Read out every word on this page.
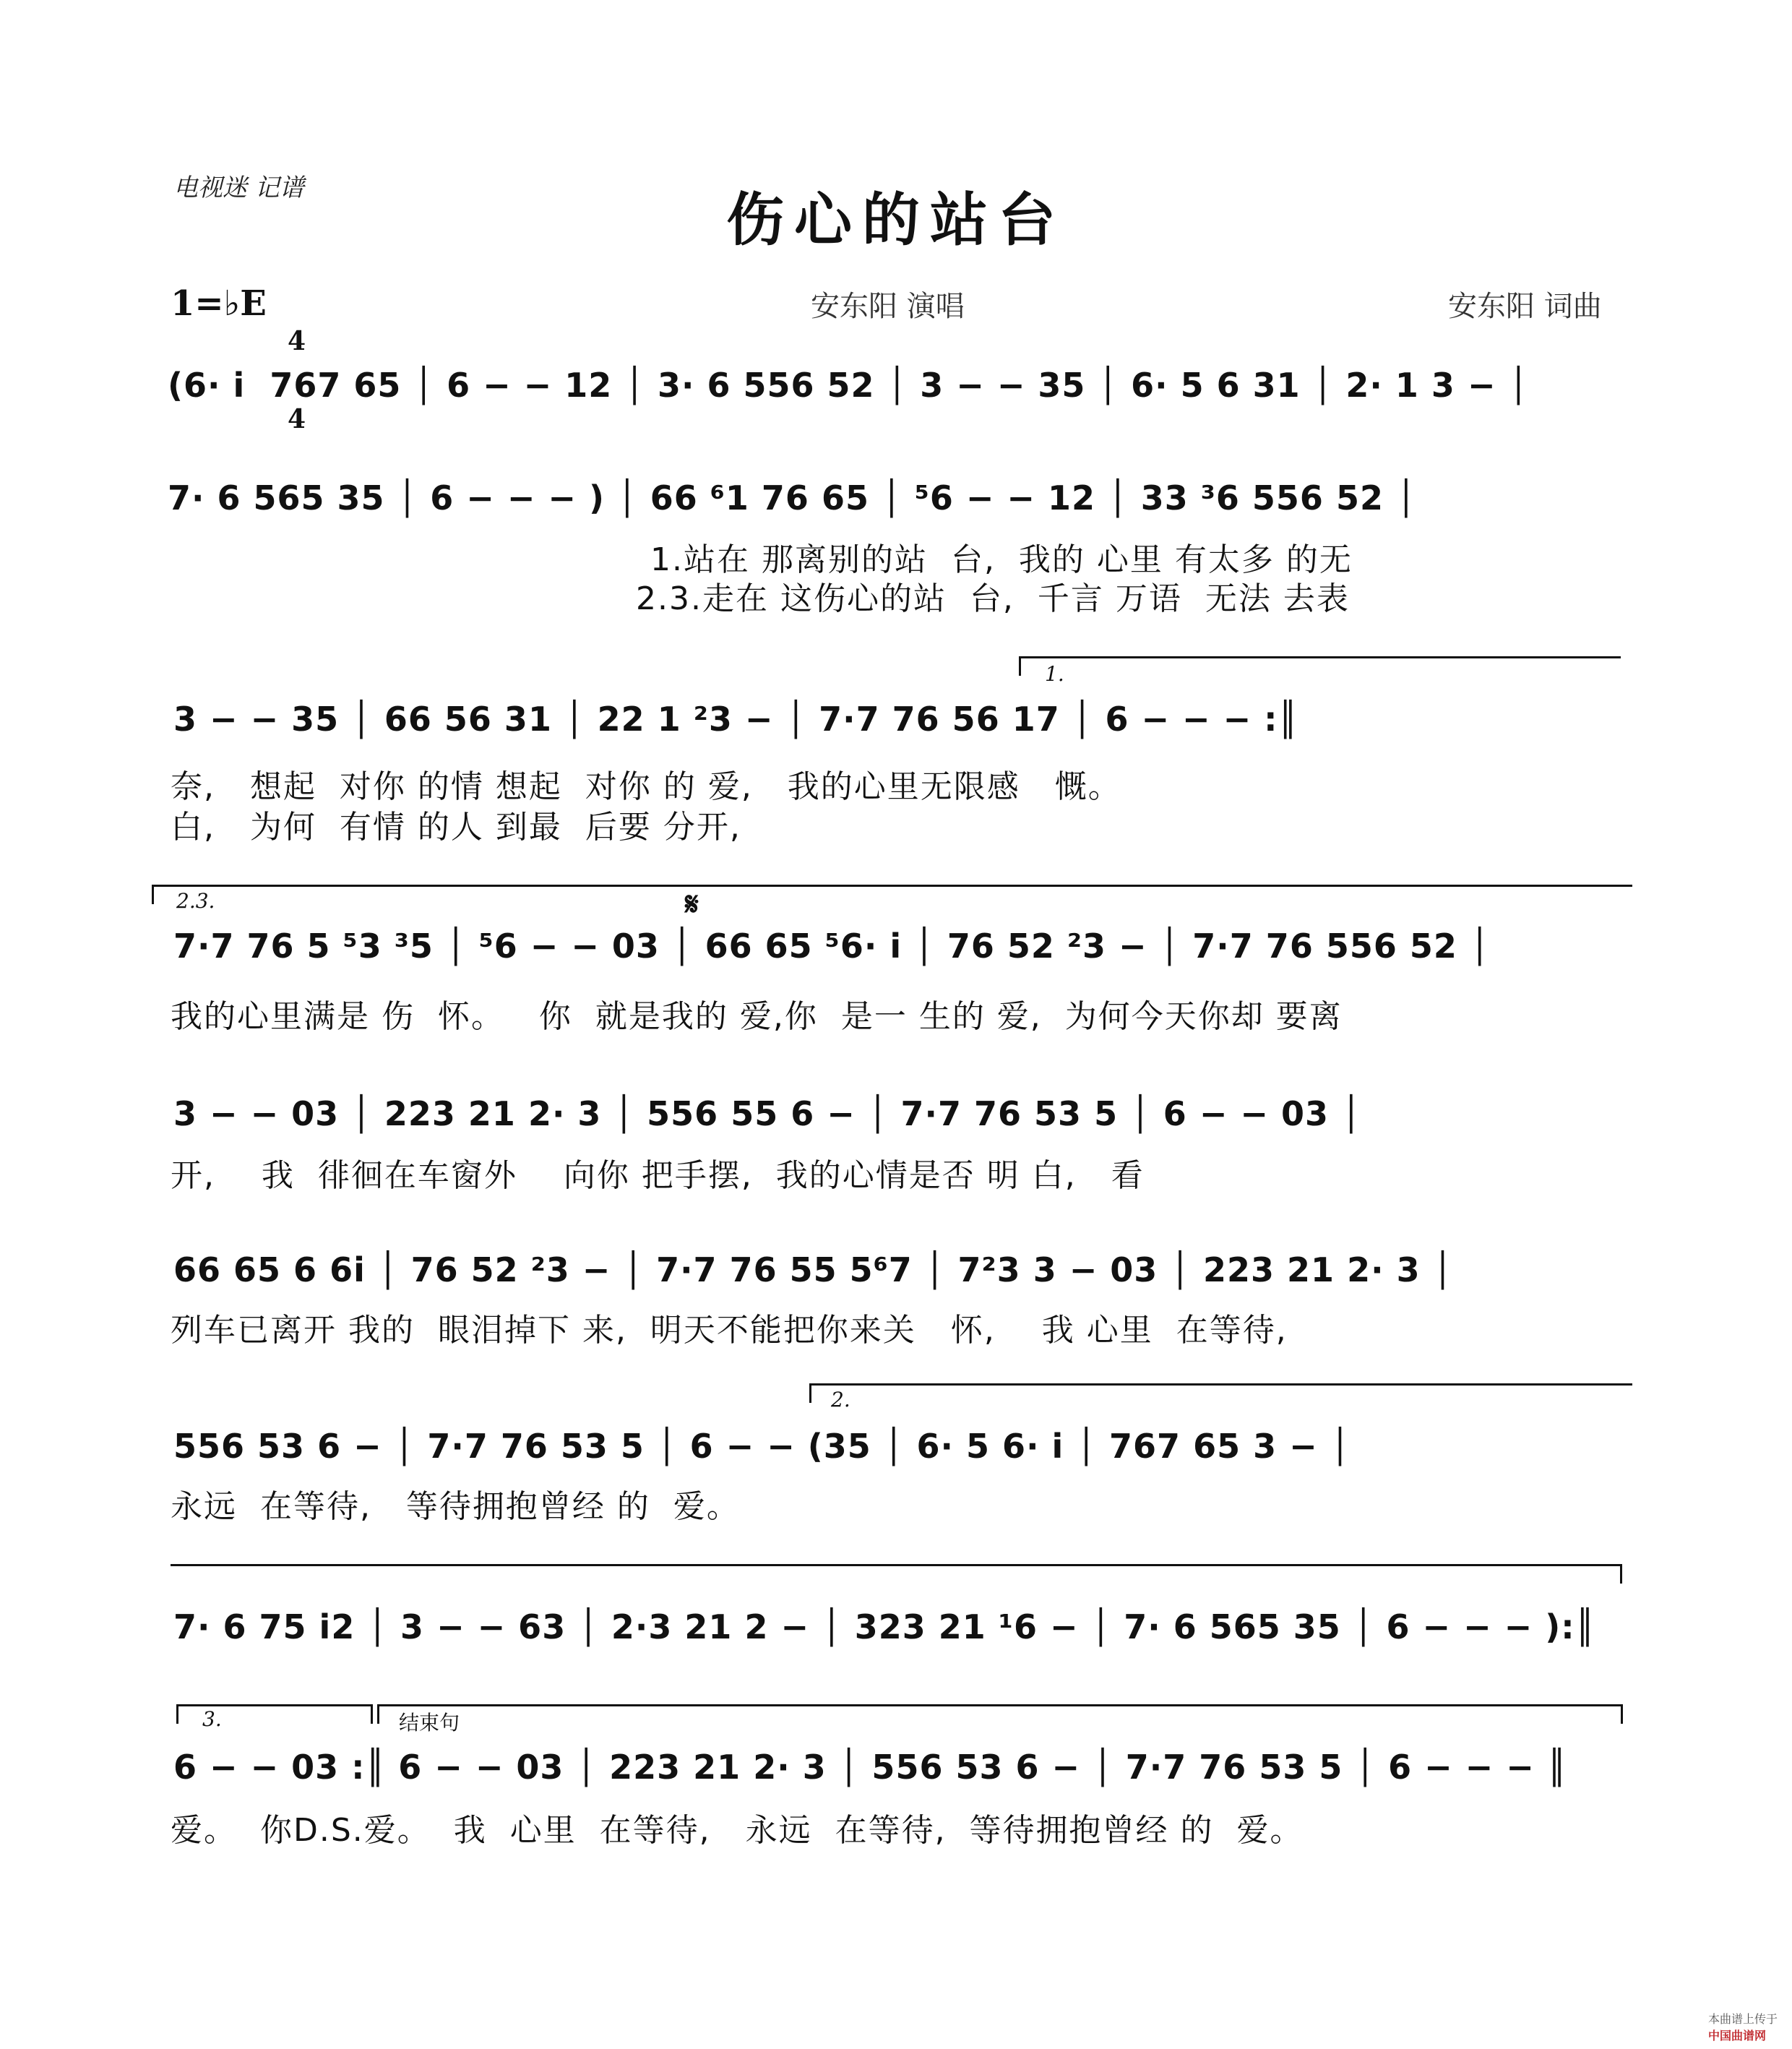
电视迷 记谱	伤心的站台
1=♭E

4

4

安东阳 演唱	安东阳 词曲
(6· i  767 65 │ 6 − − 12 │ 3· 6 556 52 │ 3 − − 35 │ 6· 5 6 31 │ 2· 1 3 − │
7· 6 565 35 │ 6 − − − ) │ 66 ⁶1 76 65 │ ⁵6 − − 12 │ 33 ³6 556 52 │
1.站在 那离别的站  台,  我的 心里 有太多 的无
2.3.走在 这伤心的站  台,  千言 万语  无法 去表
1.
3 − − 35 │ 66 56 31 │ 22 1 ²3 − │ 7·7 76 56 17 │ 6 − − − :║
奈,   想起  对你 的情 想起  对你 的 爱,   我的心里无限感   慨。
白,   为何  有情 的人 到最  后要 分开,
2.3.	𝄋
7·7 76 5 ⁵3 ³5 │ ⁵6 − − 03 │ 66 65 ⁵6· i │ 76 52 ²3 − │ 7·7 76 556 52 │
我的心里满是 伤  怀。   你  就是我的 爱,你  是一 生的 爱,  为何今天你却 要离
3 − − 03 │ 223 21 2· 3 │ 556 55 6 − │ 7·7 76 53 5 │ 6 − − 03 │
开,    我  徘徊在车窗外    向你 把手摆,  我的心情是否 明 白,   看
66 65 6 6i │ 76 52 ²3 − │ 7·7 76 55 5⁶7 │ 7²3 3 − 03 │ 223 21 2· 3 │
列车已离开 我的  眼泪掉下 来,  明天不能把你来关   怀,    我 心里  在等待,
2.
556 53 6 − │ 7·7 76 53 5 │ 6 − − (35 │ 6· 5 6· i │ 767 65 3 − │
永远  在等待,   等待拥抱曾经 的  爱。
7· 6 75 i2 │ 3 − − 63 │ 2·3 21 2 − │ 323 21 ¹6 − │ 7· 6 565 35 │ 6 − − − ):║
3.	结束句
6 − − 03 :║ 6 − − 03 │ 223 21 2· 3 │ 556 53 6 − │ 7·7 76 53 5 │ 6 − − − ║
爱。  你D.S.爱。  我  心里  在等待,   永远  在等待,  等待拥抱曾经 的  爱。

本曲谱上传于
中国曲谱网
